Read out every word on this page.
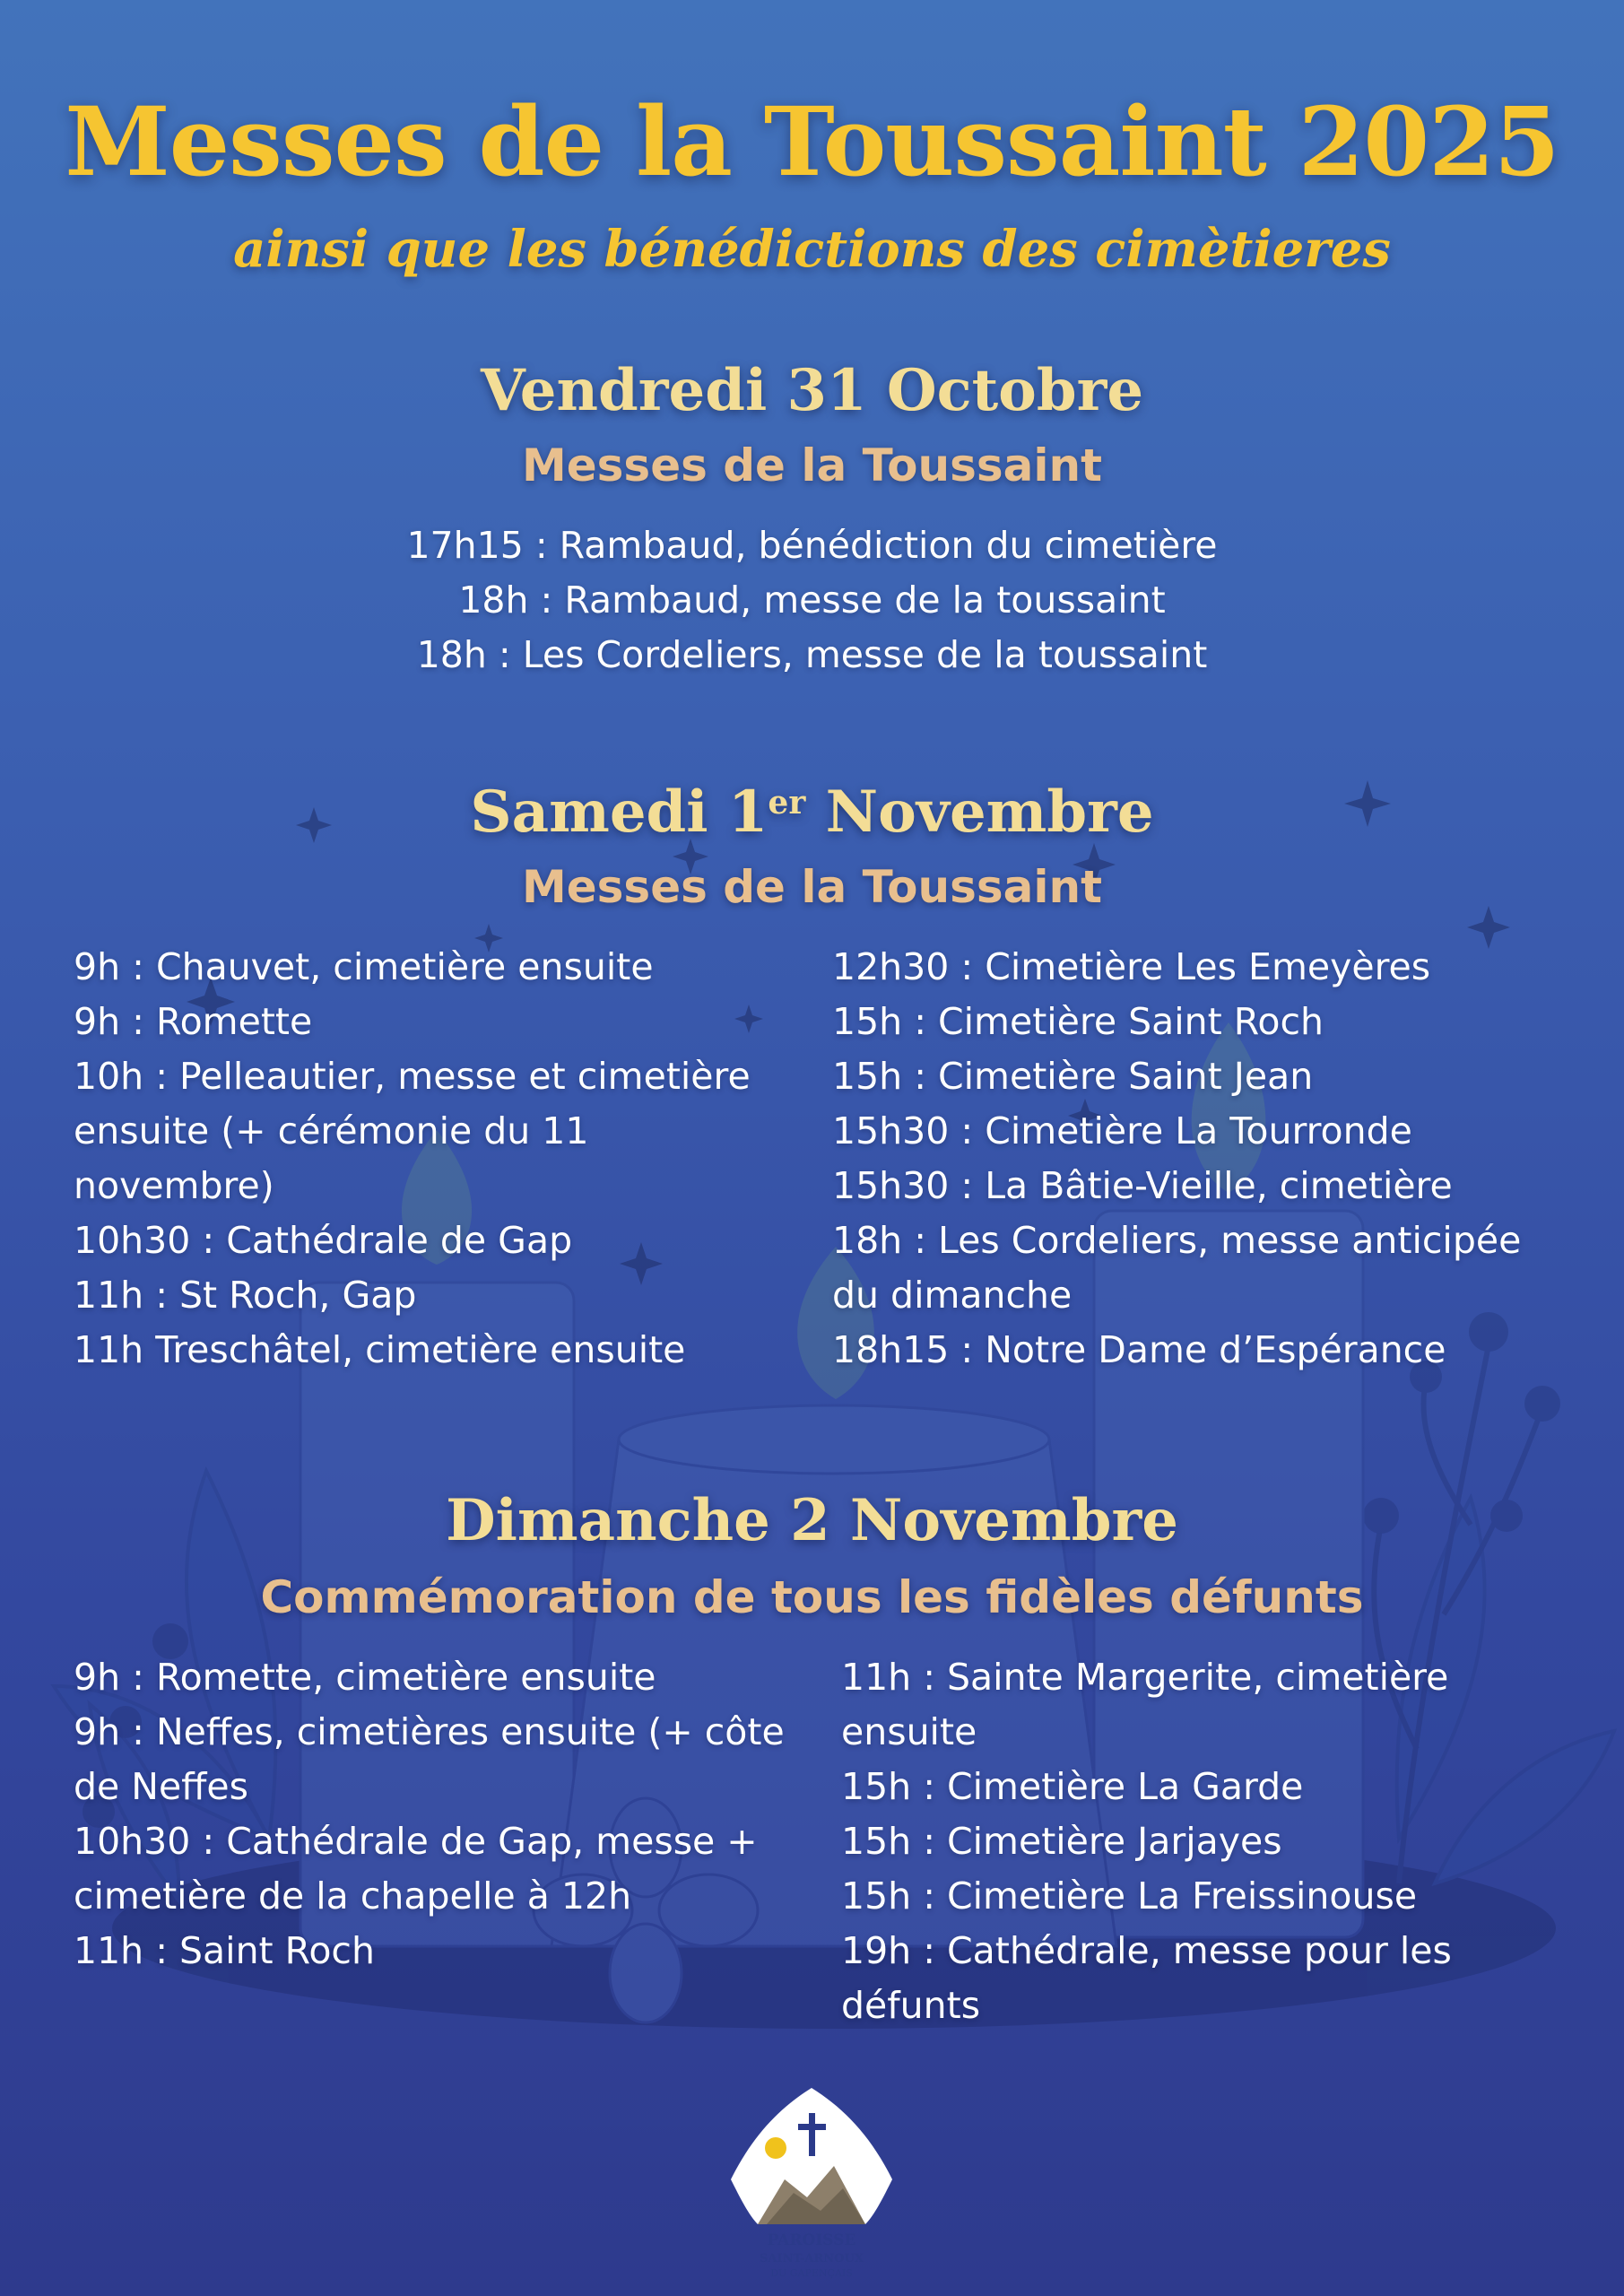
Messes de la Toussaint 2025
ainsi que les bénédictions des cimètieres
Vendredi 31 Octobre
Messes de la Toussaint
17h15 : Rambaud, bénédiction du cimetière
18h : Rambaud, messe de la toussaint
18h : Les Cordeliers, messe de la toussaint
Samedi 1er Novembre
Messes de la Toussaint
9h : Chauvet, cimetière ensuite
9h : Romette
10h : Pelleautier, messe et cimetière
ensuite (+ cérémonie du 11
novembre)
10h30 : Cathédrale de Gap
11h : St Roch, Gap
11h Treschâtel, cimetière ensuite
12h30 : Cimetière Les Emeyères
15h : Cimetière Saint Roch
15h : Cimetière Saint Jean
15h30 : Cimetière La Tourronde
15h30 : La Bâtie-Vieille, cimetière
18h : Les Cordeliers, messe anticipée
du dimanche
18h15 : Notre Dame d’Espérance
Dimanche 2 Novembre
Commémoration de tous les fidèles défunts
9h : Romette, cimetière ensuite
9h : Neffes, cimetières ensuite (+ côte
de Neffes
10h30 : Cathédrale de Gap, messe +
cimetière de la chapelle à 12h
11h : Saint Roch
11h : Sainte Margerite, cimetière
ensuite
15h : Cimetière La Garde
15h : Cimetière Jarjayes
15h : Cimetière La Freissinouse
19h : Cathédrale, messe pour les
défunts
PAROISSE
SAINT-ARNOUX
DU GAPENÇAIS
